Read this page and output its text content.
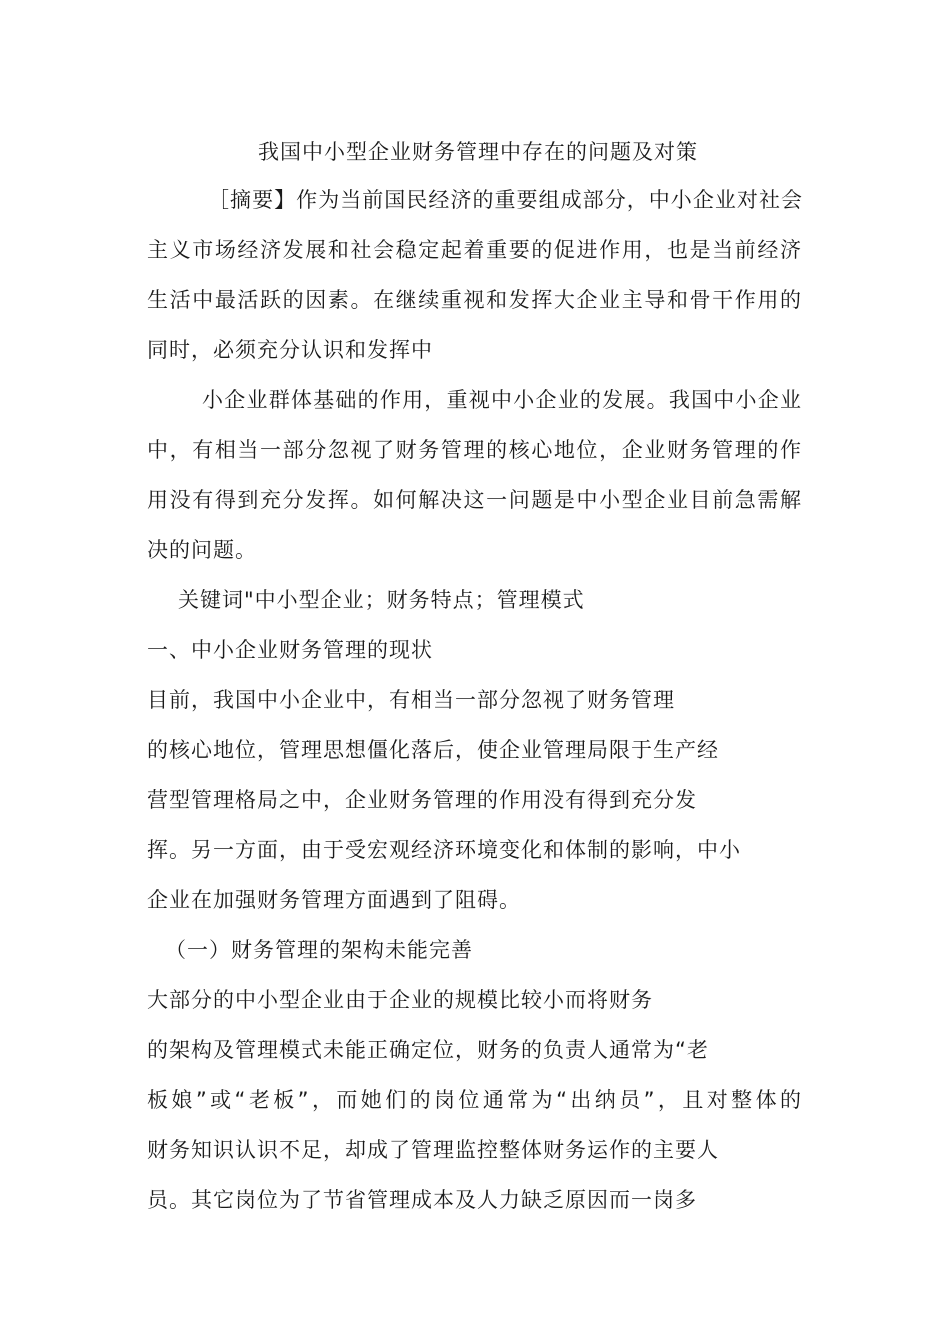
我国中小型企业财务管理中存在的问题及对策
［摘要】作为当前国民经济的重要组成部分，中小企业对社会
主义市场经济发展和社会稳定起着重要的促进作用，也是当前经济
生活中最活跃的因素。在继续重视和发挥大企业主导和骨干作用的
同时，必须充分认识和发挥中
小企业群体基础的作用，重视中小企业的发展。我国中小企业
中，有相当一部分忽视了财务管理的核心地位，企业财务管理的作
用没有得到充分发挥。如何解决这一问题是中小型企业目前急需解
决的问题。
关键词"中小型企业；财务特点；管理模式
一、中小企业财务管理的现状
目前，我国中小企业中，有相当一部分忽视了财务管理
的核心地位，管理思想僵化落后，使企业管理局限于生产经
营型管理格局之中，企业财务管理的作用没有得到充分发
挥。另一方面，由于受宏观经济环境变化和体制的影响，中小
企业在加强财务管理方面遇到了阻碍。
（一）财务管理的架构未能完善
大部分的中小型企业由于企业的规模比较小而将财务
的架构及管理模式未能正确定位，财务的负责人通常为“老
板娘”或“老板”，而她们的岗位通常为“出纳员”，且对整体的
财务知识认识不足，却成了管理监控整体财务运作的主要人
员。其它岗位为了节省管理成本及人力缺乏原因而一岗多
